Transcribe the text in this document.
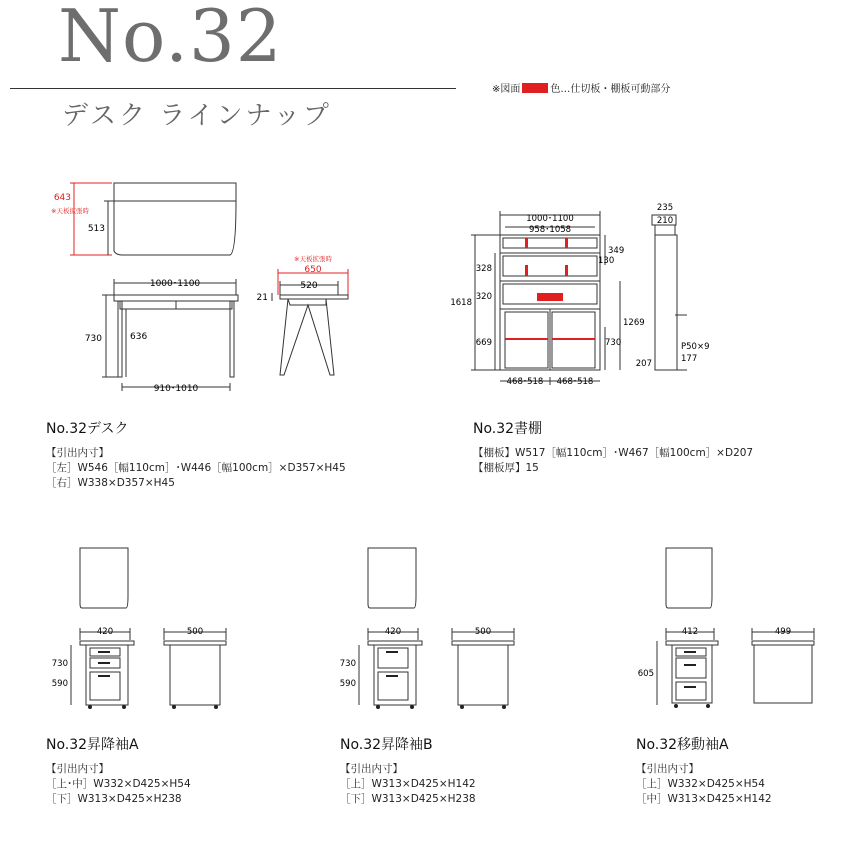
No.32
デスク ラインナップ
※図面	色…仕切板・棚板可動部分
643
※天板拡張時
513
1000･1100
730	636
910･1010
※天板拡張時
650
520
21
No.32デスク
【引出内寸】
［左］W546［幅110cm］･W446［幅100cm］×D357×H45
［右］W338×D357×H45
1000･1100
958･1058
1618
328
320
669
349
130
1269
730
468･518 468･518
235
210
P50×9
207	177
No.32書棚
【棚板】W517［幅110cm］･W467［幅100cm］×D207
【棚板厚】15
420	500
730
590
No.32昇降袖A
【引出内寸】
［上･中］W332×D425×H54
［下］W313×D425×H238
420	500
730
590
No.32昇降袖B
【引出内寸】
［上］W313×D425×H142
［下］W313×D425×H238
412	499
605
No.32移動袖A
【引出内寸】
［上］W332×D425×H54
［中］W313×D425×H142
